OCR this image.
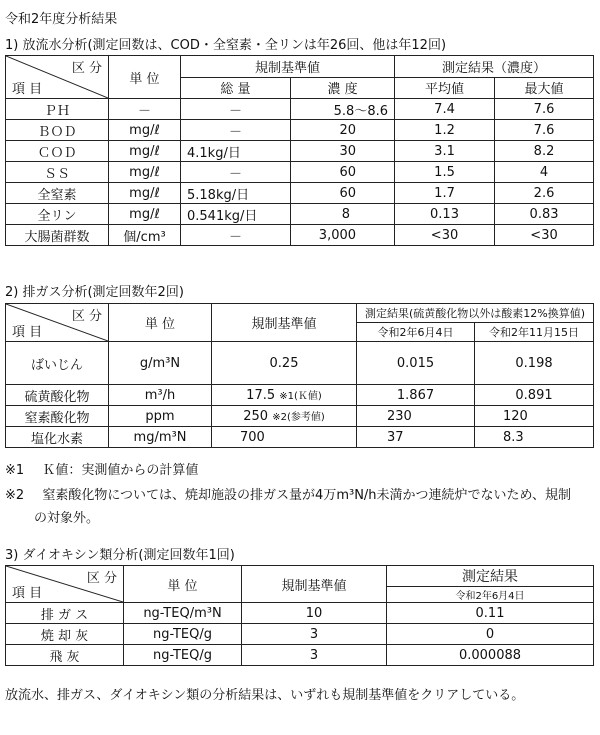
令和2年度分析結果
1) 放流水分析(測定回数は、COD・全窒素・全リンは年26回、他は年12回)
区 分
項 目	単 位	規制基準値		測定結果（濃度）	
		総 量	濃 度	平均値	最大値
ＰＨ	－	－	5.8～8.6	7.4	7.6
ＢＯＤ	mg/ℓ	－	20	1.2	7.6
ＣＯＤ	mg/ℓ	4.1kg/日	30	3.1	8.2
ＳＳ	mg/ℓ	－	60	1.5	4
全窒素	mg/ℓ	5.18kg/日	60	1.7	2.6
全リン	mg/ℓ	0.541kg/日	8	0.13	0.83
大腸菌群数	個/cm³	－	3,000	<30	<30
2) 排ガス分析(測定回数年2回)
区 分
項 目	単 位	規制基準値	測定結果(硫黄酸化物以外は酸素12%換算値)	
			令和2年6月4日	令和2年11月15日
ばいじん	g/m³N	0.25	0.015	0.198
硫黄酸化物	m³/h	17.5 ※1(Ｋ値)	1.867	0.891
窒素酸化物	ppm	250 ※2(参考値)	230	120
塩化水素	mg/m³N	700	37	8.3
※1 Ｋ値：実測値からの計算値
※2 窒素酸化物については、焼却施設の排ガス量が4万m³N/h未満かつ連続炉でないため、規制
の対象外。
3) ダイオキシン類分析(測定回数年1回)
区 分
項 目	単 位	規制基準値	測定結果
			令和2年6月4日
排 ガ ス	ng-TEQ/m³N	10	0.11
焼 却 灰	ng-TEQ/g	3	0
飛 灰	ng-TEQ/g	3	0.000088
放流水、排ガス、ダイオキシン類の分析結果は、いずれも規制基準値をクリアしている。
